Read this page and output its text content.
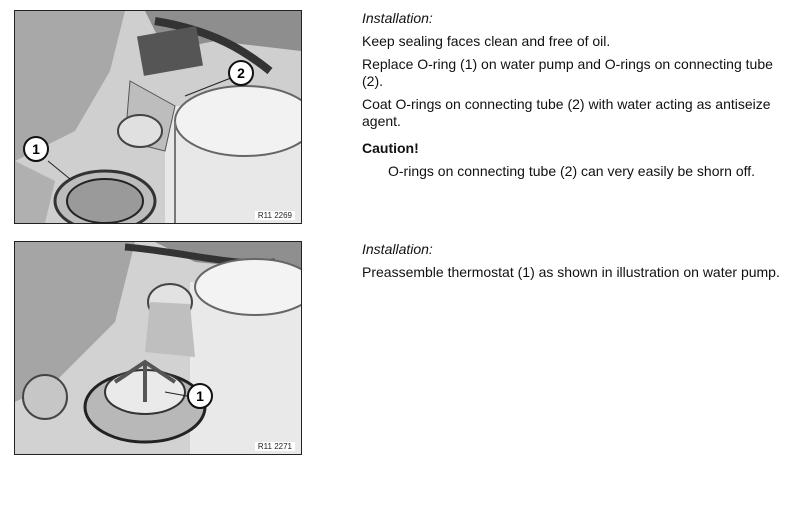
2
1
R11 2269

Installation:

Keep sealing faces clean and free of oil.

Replace O-ring (1) on water pump and O-rings on connecting tube (2).

Coat O-rings on connecting tube (2) with water acting as antiseize agent.

Caution!

O-rings on connecting tube (2) can very easily be shorn off.

1
R11 2271

Installation:

Preassemble thermostat (1) as shown in illustration on water pump.
